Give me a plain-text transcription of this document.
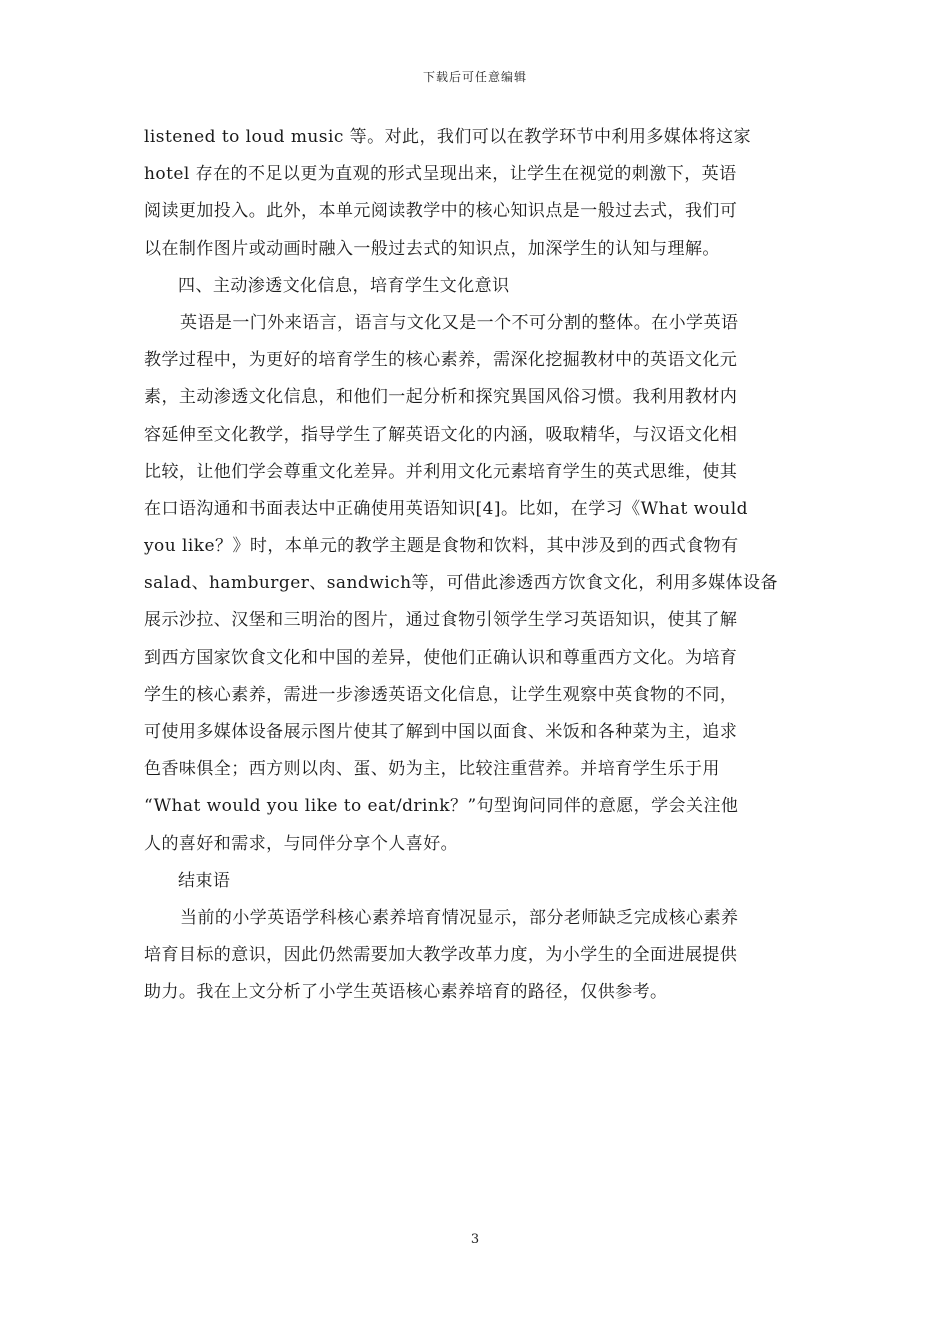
下载后可任意编辑
listened to loud music 等。对此，我们可以在教学环节中利用多媒体将这家
hotel 存在的不足以更为直观的形式呈现出来，让学生在视觉的刺激下，英语
阅读更加投入。此外，本单元阅读教学中的核心知识点是一般过去式，我们可
以在制作图片或动画时融入一般过去式的知识点，加深学生的认知与理解。
四、主动渗透文化信息，培育学生文化意识
英语是一门外来语言，语言与文化又是一个不可分割的整体。在小学英语
教学过程中，为更好的培育学生的核心素养，需深化挖掘教材中的英语文化元
素，主动渗透文化信息，和他们一起分析和探究異国风俗习惯。我利用教材内
容延伸至文化教学，指导学生了解英语文化的内涵，吸取精华，与汉语文化相
比较，让他们学会尊重文化差异。并利用文化元素培育学生的英式思维，使其
在口语沟通和书面表达中正确使用英语知识[4]。比如，在学习《What would
you like？》时，本单元的教学主题是食物和饮料，其中涉及到的西式食物有
salad、hamburger、sandwich等，可借此渗透西方饮食文化，利用多媒体设备
展示沙拉、汉堡和三明治的图片，通过食物引领学生学习英语知识，使其了解
到西方国家饮食文化和中国的差异，使他们正确认识和尊重西方文化。为培育
学生的核心素养，需进一步渗透英语文化信息，让学生观察中英食物的不同，
可使用多媒体设备展示图片使其了解到中国以面食、米饭和各种菜为主，追求
色香味俱全；西方则以肉、蛋、奶为主，比较注重营养。并培育学生乐于用
“What would you like to eat/drink？”句型询问同伴的意愿，学会关注他
人的喜好和需求，与同伴分享个人喜好。
结束语
当前的小学英语学科核心素养培育情况显示，部分老师缺乏完成核心素养
培育目标的意识，因此仍然需要加大教学改革力度，为小学生的全面进展提供
助力。我在上文分析了小学生英语核心素养培育的路径，仅供参考。
3
